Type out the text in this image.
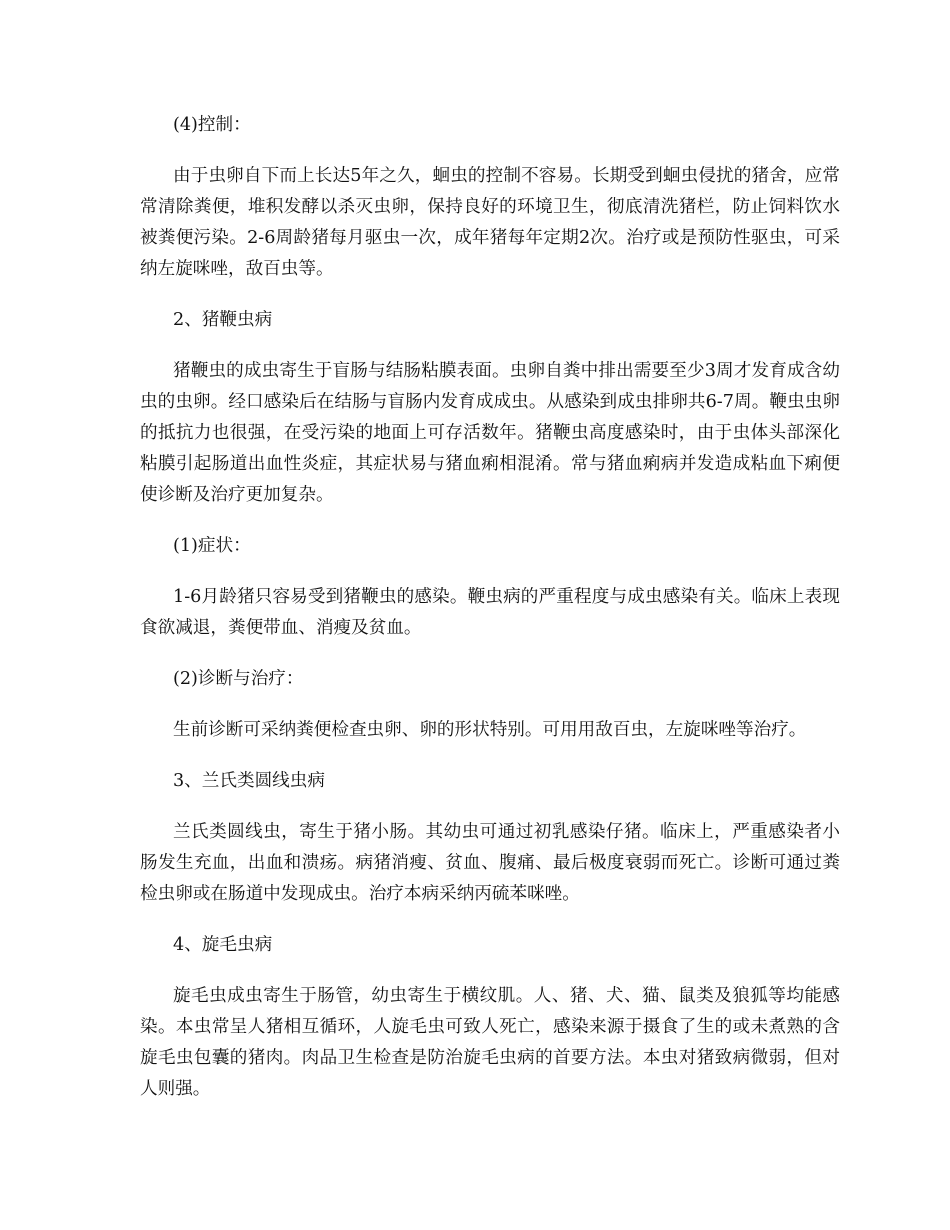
(4)控制：

由于虫卵自下而上长达5年之久，蛔虫的控制不容易。长期受到蛔虫侵扰的猪舍，应常常清除粪便，堆积发酵以杀灭虫卵，保持良好的环境卫生，彻底清洗猪栏，防止饲料饮水被粪便污染。2-6周龄猪每月驱虫一次，成年猪每年定期2次。治疗或是预防性驱虫，可采纳左旋咪唑，敌百虫等。

2、猪鞭虫病

猪鞭虫的成虫寄生于盲肠与结肠粘膜表面。虫卵自粪中排出需要至少3周才发育成含幼虫的虫卵。经口感染后在结肠与盲肠内发育成成虫。从感染到成虫排卵共6-7周。鞭虫虫卵的抵抗力也很强，在受污染的地面上可存活数年。猪鞭虫高度感染时，由于虫体头部深化粘膜引起肠道出血性炎症，其症状易与猪血痢相混淆。常与猪血痢病并发造成粘血下痢便使诊断及治疗更加复杂。

(1)症状：

1-6月龄猪只容易受到猪鞭虫的感染。鞭虫病的严重程度与成虫感染有关。临床上表现食欲减退，粪便带血、消瘦及贫血。

(2)诊断与治疗：

生前诊断可采纳粪便检查虫卵、卵的形状特别。可用用敌百虫，左旋咪唑等治疗。

3、兰氏类圆线虫病

兰氏类圆线虫，寄生于猪小肠。其幼虫可通过初乳感染仔猪。临床上，严重感染者小肠发生充血，出血和溃疡。病猪消瘦、贫血、腹痛、最后极度衰弱而死亡。诊断可通过粪检虫卵或在肠道中发现成虫。治疗本病采纳丙硫苯咪唑。

4、旋毛虫病

旋毛虫成虫寄生于肠管，幼虫寄生于横纹肌。人、猪、犬、猫、鼠类及狼狐等均能感染。本虫常呈人猪相互循环，人旋毛虫可致人死亡，感染来源于摄食了生的或未煮熟的含旋毛虫包囊的猪肉。肉品卫生检查是防治旋毛虫病的首要方法。本虫对猪致病微弱，但对人则强。
